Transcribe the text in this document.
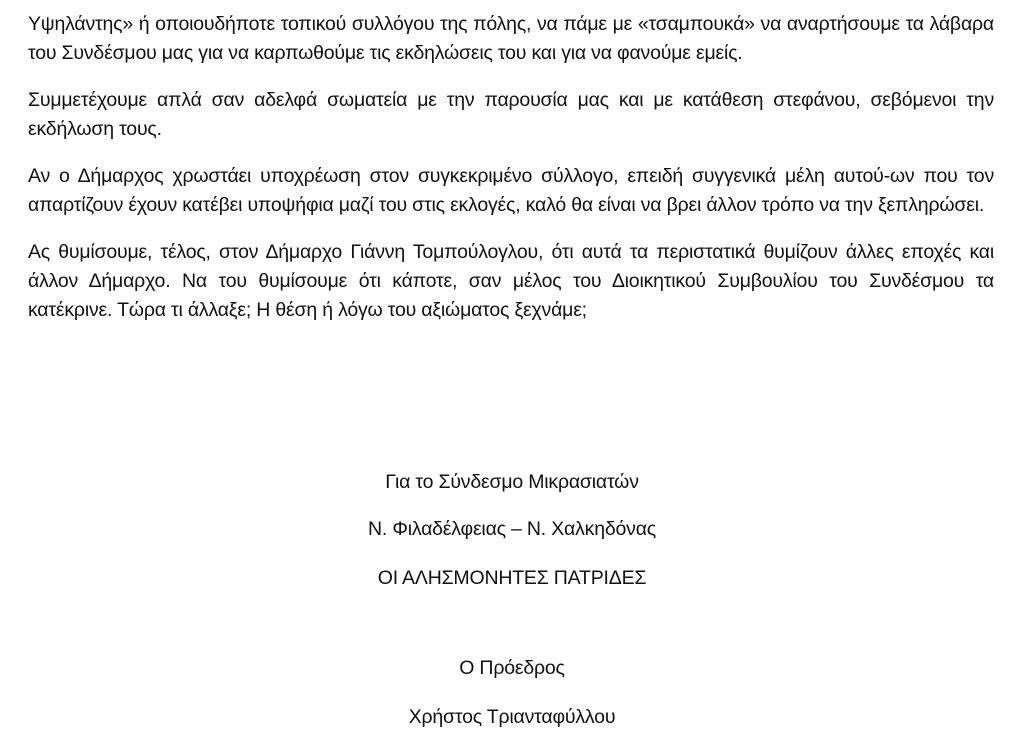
Υψηλάντης» ή οποιουδήποτε τοπικού συλλόγου της πόλης, να πάμε με «τσαμπουκά» να αναρτήσουμε τα λάβαρα του Συνδέσμου μας για να καρπωθούμε τις εκδηλώσεις του και για να φανούμε εμείς.

Συμμετέχουμε απλά σαν αδελφά σωματεία με την παρουσία μας και με κατάθεση στεφάνου, σεβόμενοι την εκδήλωση τους.

Αν ο Δήμαρχος χρωστάει υποχρέωση στον συγκεκριμένο σύλλογο, επειδή συγγενικά μέλη αυτού-ων που τον απαρτίζουν έχουν κατέβει υποψήφια μαζί του στις εκλογές, καλό θα είναι να βρει άλλον τρόπο να την ξεπληρώσει.

Ας θυμίσουμε, τέλος, στον Δήμαρχο Γιάννη Τομπούλογλου, ότι αυτά τα περιστατικά θυμίζουν άλλες εποχές και άλλον Δήμαρχο. Να του θυμίσουμε ότι κάποτε, σαν μέλος του Διοικητικού Συμβουλίου του Συνδέσμου τα κατέκρινε. Τώρα τι άλλαξε; Η θέση ή λόγω του αξιώματος ξεχνάμε;

Για το Σύνδεσμο Μικρασιατών
Ν. Φιλαδέλφειας – Ν. Χαλκηδόνας
ΟΙ ΑΛΗΣΜΟΝΗΤΕΣ ΠΑΤΡΙΔΕΣ
Ο Πρόεδρος
Χρήστος Τριανταφύλλου
